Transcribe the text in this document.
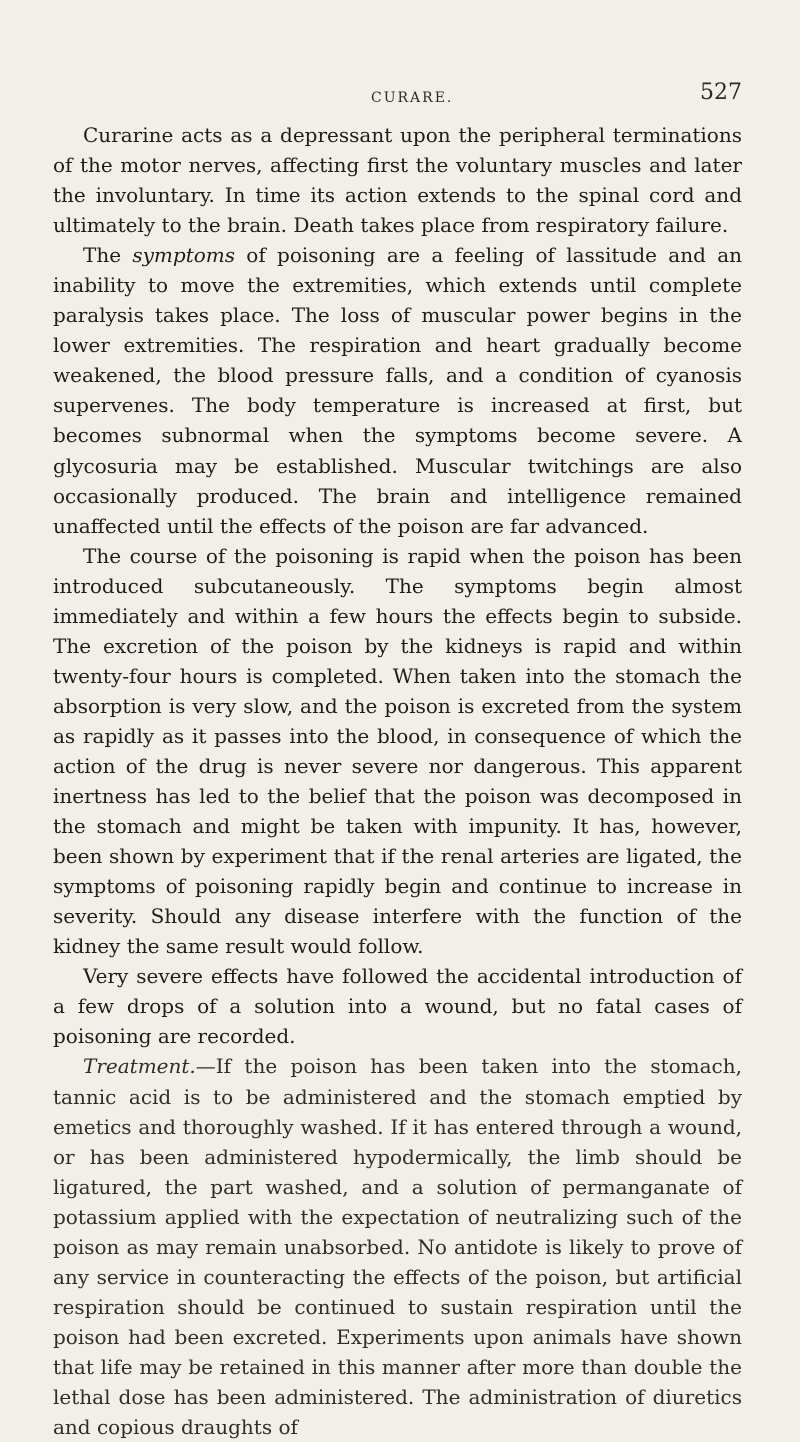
CURARE.	527

Curarine acts as a depressant upon the peripheral terminations of the motor nerves, affecting first the voluntary muscles and later the involuntary. In time its action extends to the spinal cord and ultimately to the brain. Death takes place from respiratory failure.

The symptoms of poisoning are a feeling of lassitude and an inability to move the extremities, which extends until complete paralysis takes place. The loss of muscular power begins in the lower extremities. The respiration and heart gradually become weakened, the blood pressure falls, and a condition of cyanosis supervenes. The body temperature is increased at first, but becomes subnormal when the symptoms become severe. A glycosuria may be established. Muscular twitchings are also occasionally produced. The brain and intelligence remained unaffected until the effects of the poison are far advanced.

The course of the poisoning is rapid when the poison has been introduced subcutaneously. The symptoms begin almost immediately and within a few hours the effects begin to subside. The excretion of the poison by the kidneys is rapid and within twenty-four hours is completed. When taken into the stomach the absorption is very slow, and the poison is excreted from the system as rapidly as it passes into the blood, in consequence of which the action of the drug is never severe nor dangerous. This apparent inertness has led to the belief that the poison was decomposed in the stomach and might be taken with impunity. It has, however, been shown by experiment that if the renal arteries are ligated, the symptoms of poisoning rapidly begin and continue to increase in severity. Should any disease interfere with the function of the kidney the same result would follow.

Very severe effects have followed the accidental introduction of a few drops of a solution into a wound, but no fatal cases of poisoning are recorded.

Treatment.—If the poison has been taken into the stomach, tannic acid is to be administered and the stomach emptied by emetics and thoroughly washed. If it has entered through a wound, or has been administered hypodermically, the limb should be ligatured, the part washed, and a solution of permanganate of potassium applied with the expectation of neutralizing such of the poison as may remain unabsorbed. No antidote is likely to prove of any service in counteracting the effects of the poison, but artificial respiration should be continued to sustain respiration until the poison had been excreted. Experiments upon animals have shown that life may be retained in this manner after more than double the lethal dose has been administered. The administration of diuretics and copious draughts of
